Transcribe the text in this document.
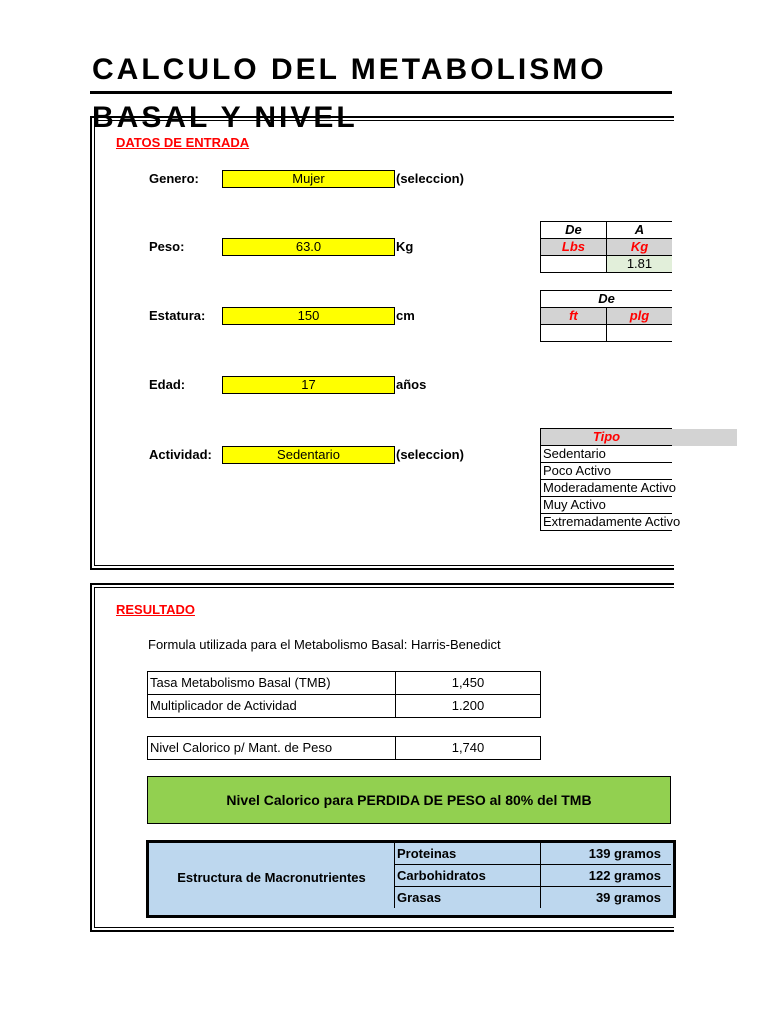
CALCULO DEL METABOLISMO BASAL Y NIVEL
DATOS DE ENTRADA
Genero:	Mujer	(seleccion)
Peso:	63.0	Kg
Estatura:	150	cm
Edad:	17	años
Actividad:	Sedentario	(seleccion)
De	A
Lbs	Kg
	1.81
De	
ft	plg

Tipo
Sedentario
Poco Activo
Moderadamente Activo
Muy Activo
Extremadamente Activo
RESULTADO
Formula utilizada para el Metabolismo Basal: Harris-Benedict
Tasa Metabolismo Basal (TMB)	1,450
Multiplicador de Actividad	1.200
Nivel Calorico p/ Mant. de Peso	1,740
Nivel Calorico para PERDIDA DE PESO al 80% del TMB
Estructura de Macronutrientes
Proteinas	139 gramos
Carbohidratos	122 gramos
Grasas	39 gramos
